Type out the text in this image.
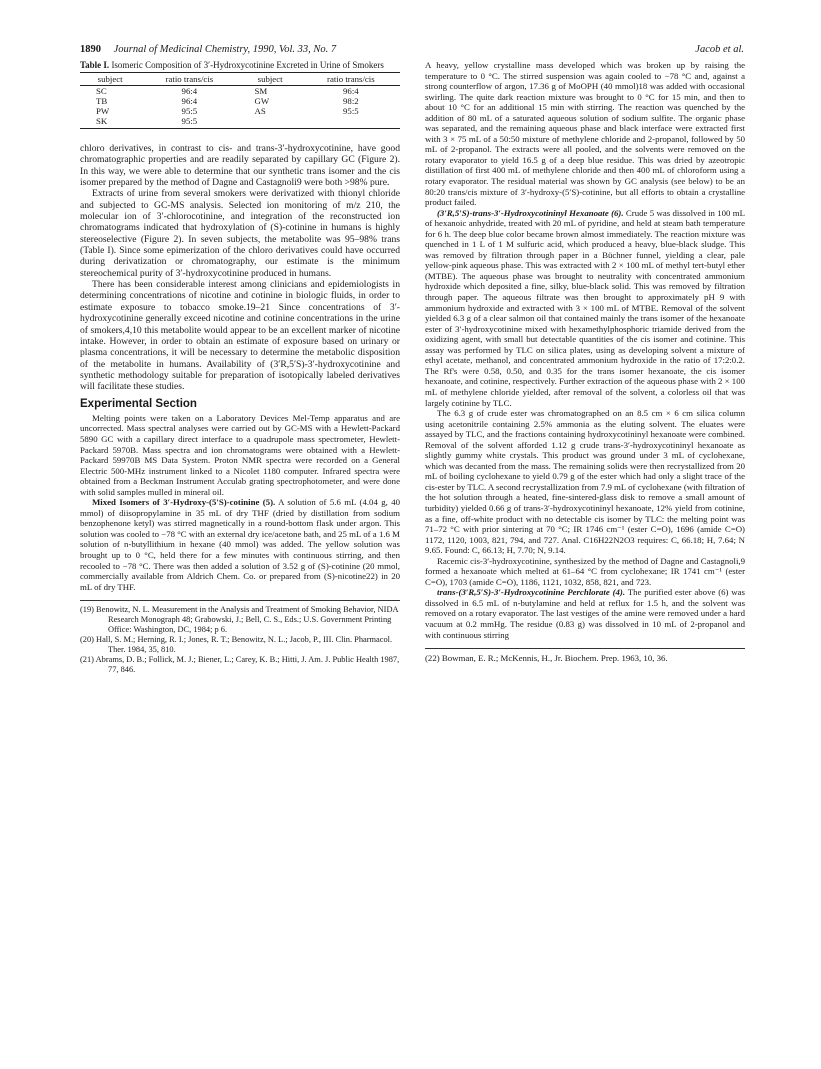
1890 Journal of Medicinal Chemistry, 1990, Vol. 33, No. 7	Jacob et al.
Table I. Isomeric Composition of 3′-Hydroxycotinine Excreted in Urine of Smokers
subject	ratio trans/cis	subject	ratio trans/cis
SC	96:4	SM	96:4
TB	96:4	GW	98:2
PW	95:5	AS	95:5
SK	95:5		

chloro derivatives, in contrast to cis- and trans-3′-hydroxycotinine, have good chromatographic properties and are readily separated by capillary GC (Figure 2). In this way, we were able to determine that our synthetic trans isomer and the cis isomer prepared by the method of Dagne and Castagnoli9 were both >98% pure.

Extracts of urine from several smokers were derivatized with thionyl chloride and subjected to GC-MS analysis. Selected ion monitoring of m/z 210, the molecular ion of 3′-chlorocotinine, and integration of the reconstructed ion chromatograms indicated that hydroxylation of (S)-cotinine in humans is highly stereoselective (Figure 2). In seven subjects, the metabolite was 95–98% trans (Table I). Since some epimerization of the chloro derivatives could have occurred during derivatization or chromatography, our estimate is the minimum stereochemical purity of 3′-hydroxycotinine produced in humans.

There has been considerable interest among clinicians and epidemiologists in determining concentrations of nicotine and cotinine in biologic fluids, in order to estimate exposure to tobacco smoke.19–21 Since concentrations of 3′-hydroxycotinine generally exceed nicotine and cotinine concentrations in the urine of smokers,4,10 this metabolite would appear to be an excellent marker of nicotine intake. However, in order to obtain an estimate of exposure based on urinary or plasma concentrations, it will be necessary to determine the metabolic disposition of the metabolite in humans. Availability of (3′R,5′S)-3′-hydroxycotinine and synthetic methodology suitable for preparation of isotopically labeled derivatives will facilitate these studies.

Experimental Section

Melting points were taken on a Laboratory Devices Mel-Temp apparatus and are uncorrected. Mass spectral analyses were carried out by GC-MS with a Hewlett-Packard 5890 GC with a capillary direct interface to a quadrupole mass spectrometer, Hewlett-Packard 5970B. Mass spectra and ion chromatograms were obtained with a Hewlett-Packard 59970B MS Data System. Proton NMR spectra were recorded on a General Electric 500-MHz instrument linked to a Nicolet 1180 computer. Infrared spectra were obtained from a Beckman Instrument Acculab grating spectrophotometer, and were done with solid samples mulled in mineral oil.

Mixed Isomers of 3′-Hydroxy-(5′S)-cotinine (5). A solution of 5.6 mL (4.04 g, 40 mmol) of diisopropylamine in 35 mL of dry THF (dried by distillation from sodium benzophenone ketyl) was stirred magnetically in a round-bottom flask under argon. This solution was cooled to −78 °C with an external dry ice/acetone bath, and 25 mL of a 1.6 M solution of n-butyllithium in hexane (40 mmol) was added. The yellow solution was brought up to 0 °C, held there for a few minutes with continuous stirring, and then recooled to −78 °C. There was then added a solution of 3.52 g of (S)-cotinine (20 mmol, commercially available from Aldrich Chem. Co. or prepared from (S)-nicotine22) in 20 mL of dry THF.

(19) Benowitz, N. L. Measurement in the Analysis and Treatment of Smoking Behavior, NIDA Research Monograph 48; Grabowski, J.; Bell, C. S., Eds.; U.S. Government Printing Office: Washington, DC, 1984; p 6.

(20) Hall, S. M.; Herning, R. I.; Jones, R. T.; Benowitz, N. L.; Jacob, P., III. Clin. Pharmacol. Ther. 1984, 35, 810.

(21) Abrams, D. B.; Follick, M. J.; Biener, L.; Carey, K. B.; Hitti, J. Am. J. Public Health 1987, 77, 846.

A heavy, yellow crystalline mass developed which was broken up by raising the temperature to 0 °C. The stirred suspension was again cooled to −78 °C and, against a strong counterflow of argon, 17.36 g of MoOPH (40 mmol)18 was added with occasional swirling. The quite dark reaction mixture was brought to 0 °C for 15 min, and then to about 10 °C for an additional 15 min with stirring. The reaction was quenched by the addition of 80 mL of a saturated aqueous solution of sodium sulfite. The organic phase was separated, and the remaining aqueous phase and black interface were extracted first with 3 × 75 mL of a 50:50 mixture of methylene chloride and 2-propanol, followed by 50 mL of 2-propanol. The extracts were all pooled, and the solvents were removed on the rotary evaporator to yield 16.5 g of a deep blue residue. This was dried by azeotropic distillation of first 400 mL of methylene chloride and then 400 mL of chloroform using a rotary evaporator. The residual material was shown by GC analysis (see below) to be an 80:20 trans/cis mixture of 3′-hydroxy-(5′S)-cotinine, but all efforts to obtain a crystalline product failed.

(3′R,5′S)-trans-3′-Hydroxycotininyl Hexanoate (6). Crude 5 was dissolved in 100 mL of hexanoic anhydride, treated with 20 mL of pyridine, and held at steam bath temperature for 6 h. The deep blue color became brown almost immediately. The reaction mixture was quenched in 1 L of 1 M sulfuric acid, which produced a heavy, blue-black sludge. This was removed by filtration through paper in a Büchner funnel, yielding a clear, pale yellow-pink aqueous phase. This was extracted with 2 × 100 mL of methyl tert-butyl ether (MTBE). The aqueous phase was brought to neutrality with concentrated ammonium hydroxide which deposited a fine, silky, blue-black solid. This was removed by filtration through paper. The aqueous filtrate was then brought to approximately pH 9 with ammonium hydroxide and extracted with 3 × 100 mL of MTBE. Removal of the solvent yielded 6.3 g of a clear salmon oil that contained mainly the trans isomer of the hexanoate ester of 3′-hydroxycotinine mixed with hexamethylphosphoric triamide derived from the oxidizing agent, with small but detectable quantities of the cis isomer and cotinine. This assay was performed by TLC on silica plates, using as developing solvent a mixture of ethyl acetate, methanol, and concentrated ammonium hydroxide in the ratio of 17:2:0.2. The Rf's were 0.58, 0.50, and 0.35 for the trans isomer hexanoate, the cis isomer hexanoate, and cotinine, respectively. Further extraction of the aqueous phase with 2 × 100 mL of methylene chloride yielded, after removal of the solvent, a colorless oil that was largely cotinine by TLC.

The 6.3 g of crude ester was chromatographed on an 8.5 cm × 6 cm silica column using acetonitrile containing 2.5% ammonia as the eluting solvent. The eluates were assayed by TLC, and the fractions containing hydroxycotininyl hexanoate were combined. Removal of the solvent afforded 1.12 g crude trans-3′-hydroxycotininyl hexanoate as slightly gummy white crystals. This product was ground under 3 mL of cyclohexane, which was decanted from the mass. The remaining solids were then recrystallized from 20 mL of boiling cyclohexane to yield 0.79 g of the ester which had only a slight trace of the cis-ester by TLC. A second recrystallization from 7.9 mL of cyclohexane (with filtration of the hot solution through a heated, fine-sintered-glass disk to remove a small amount of turbidity) yielded 0.66 g of trans-3′-hydroxycotininyl hexanoate, 12% yield from cotinine, as a fine, off-white product with no detectable cis isomer by TLC: the melting point was 71–72 °C with prior sintering at 70 °C; IR 1746 cm⁻¹ (ester C=O), 1696 (amide C=O) 1172, 1120, 1003, 821, 794, and 727. Anal. C16H22N2O3 requires: C, 66.18; H, 7.64; N 9.65. Found: C, 66.13; H, 7.70; N, 9.14.

Racemic cis-3′-hydroxycotinine, synthesized by the method of Dagne and Castagnoli,9 formed a hexanoate which melted at 61–64 °C from cyclohexane; IR 1741 cm⁻¹ (ester C=O), 1703 (amide C=O), 1186, 1121, 1032, 858, 821, and 723.

trans-(3′R,5′S)-3′-Hydroxycotinine Perchlorate (4). The purified ester above (6) was dissolved in 6.5 mL of n-butylamine and held at reflux for 1.5 h, and the solvent was removed on a rotary evaporator. The last vestiges of the amine were removed under a hard vacuum at 0.2 mmHg. The residue (0.83 g) was dissolved in 10 mL of 2-propanol and with continuous stirring

(22) Bowman, E. R.; McKennis, H., Jr. Biochem. Prep. 1963, 10, 36.
